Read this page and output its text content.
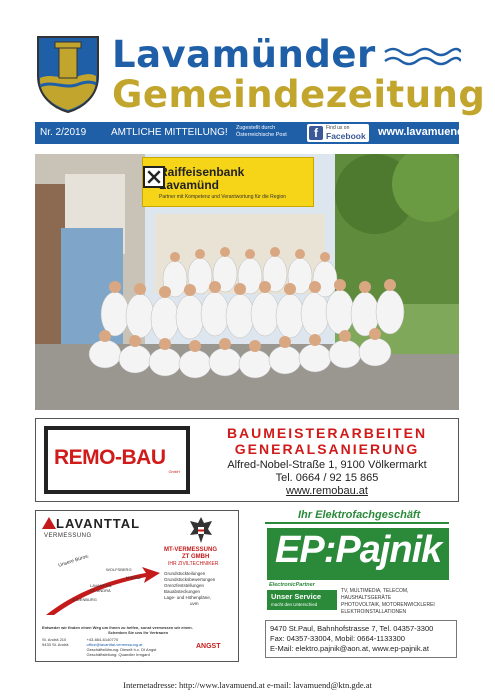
Lavamünder
Gemeindezeitung
Nr. 2/2019 AMTLICHE MITTEILUNG! Zugestellt durch
Österreichische Post	f	Find us on
Facebook www.lavamuend.at
Raiffeisenbank
Lavamünd
Partner mit Kompetenz und Verantwortung für die Region
REMO-BAU
GmbH
BAUMEISTERARBEITEN
GENERALSANIERUNG
Alfred-Nobel-Straße 1, 9100 Völkermarkt
Tel. 0664 / 92 15 865
www.remobau.at
LAVANTTAL
VERMESSUNG
MT-VERMESSUNG
ZT GMBH
IHR ZIVILTECHNIKER
Unsere Büros:
WOLFSBERG
MURAU
LAVANTTAL
ST. ANDRÄ
JUDENBURG
Grundstückteilungen
Grundstücksbewertungen
Grenzfeststellungen
Bauabsteckungen
Lage- und Höhenpläne,
uvm
Entweder wir finden einen Weg um ihnen zu helfen, sonst vermessen wir einen.
Schenken Sie uns Ihr Vertrauen
St. Andrä 210
9433 St. Andrä
+43-664-6140770
office@lavanttal-vermessung.at
Geschäftsführung: Dieselt h.c. DI Angst
Geschäftsleitung: Quandler Irmgard
ANGST
Ihr Elektrofachgeschäft
EP:Pajnik
ElectronicPartner
Unser Service
macht den Unterschied
TV, MULTIMEDIA, TELECOM, HAUSHALTSGERÄTE
PHOTOVOLTAIK, MOTORENWICKLEREI
ELEKTROINSTALLATIONEN
9470 St.Paul, Bahnhofstrasse 7, Tel. 04357-3300
Fax: 04357-33004, Mobil: 0664-1133300
E-Mail: elektro.pajnik@aon.at, www.ep-pajnik.at
Internetadresse: http://www.lavamuend.at e-mail: lavamuend@ktn.gde.at
